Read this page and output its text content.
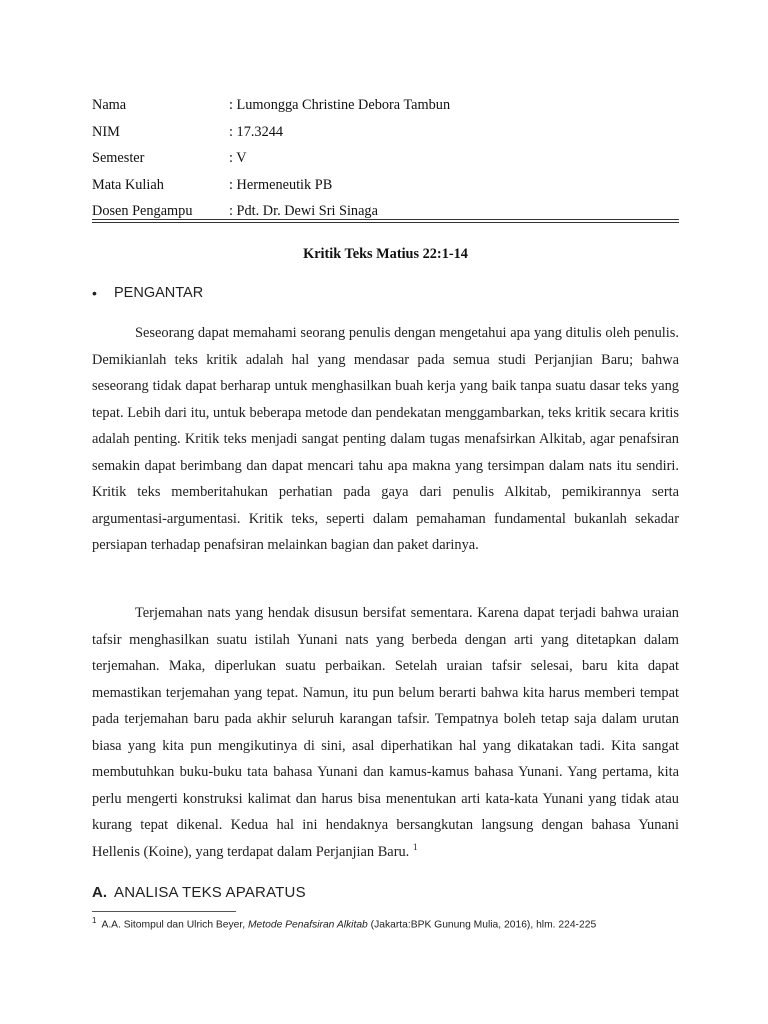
Nama	: Lumongga Christine Debora Tambun
NIM	: 17.3244
Semester	: V
Mata Kuliah	: Hermeneutik PB
Dosen Pengampu	: Pdt. Dr. Dewi Sri Sinaga
Kritik Teks Matius 22:1-14
•	PENGANTAR

Seseorang dapat memahami seorang penulis dengan mengetahui apa yang ditulis oleh penulis. Demikianlah teks kritik adalah hal yang mendasar pada semua studi Perjanjian Baru; bahwa seseorang tidak dapat berharap untuk menghasilkan buah kerja yang baik tanpa suatu dasar teks yang tepat. Lebih dari itu, untuk beberapa metode dan pendekatan menggambarkan, teks kritik secara kritis adalah penting. Kritik teks menjadi sangat penting dalam tugas menafsirkan Alkitab, agar penafsiran semakin dapat berimbang dan dapat mencari tahu apa makna yang tersimpan dalam nats itu sendiri. Kritik teks memberitahukan perhatian pada gaya dari penulis Alkitab, pemikirannya serta argumentasi-argumentasi. Kritik teks, seperti dalam pemahaman fundamental bukanlah sekadar persiapan terhadap penafsiran melainkan bagian dan paket darinya.

Terjemahan nats yang hendak disusun bersifat sementara. Karena dapat terjadi bahwa uraian tafsir menghasilkan suatu istilah Yunani nats yang berbeda dengan arti yang ditetapkan dalam terjemahan. Maka, diperlukan suatu perbaikan. Setelah uraian tafsir selesai, baru kita dapat memastikan terjemahan yang tepat. Namun, itu pun belum berarti bahwa kita harus memberi tempat pada terjemahan baru pada akhir seluruh karangan tafsir. Tempatnya boleh tetap saja dalam urutan biasa yang kita pun mengikutinya di sini, asal diperhatikan hal yang dikatakan tadi. Kita sangat membutuhkan buku-buku tata bahasa Yunani dan kamus-kamus bahasa Yunani. Yang pertama, kita perlu mengerti konstruksi kalimat dan harus bisa menentukan arti kata-kata Yunani yang tidak atau kurang tepat dikenal. Kedua hal ini hendaknya bersangkutan langsung dengan bahasa Yunani Hellenis (Koine), yang terdapat dalam Perjanjian Baru. $^1$

A. ANALISA TEKS APARATUS
$^1$ A.A. Sitompul dan Ulrich Beyer, Metode Penafsiran Alkitab (Jakarta:BPK Gunung Mulia, 2016), hlm. 224-225
